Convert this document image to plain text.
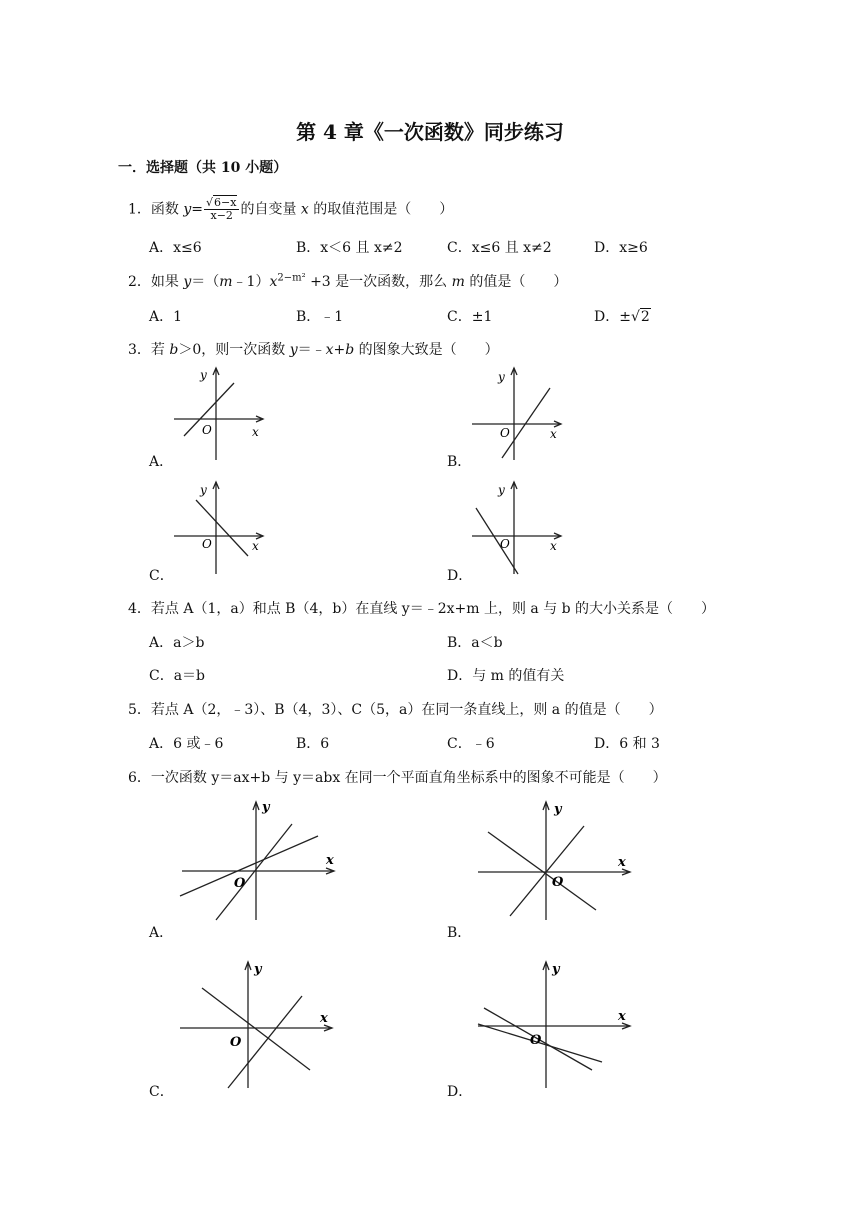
第 4 章《一次函数》同步练习
一．选择题（共 10 小题）
1．函数 $y= \frac{√6-x}{x-2}$ 的自变量 x 的取值范围是（　　）
A．x≤6	B．x＜6 且 x≠2	C．x≤6 且 x≠2	D．x≥6
2．如果 $y=(m﹣1)x^{2-m^2} +3$ 是一次函数，那么 m 的值是（　　）
A．1	B．﹣1	C．±1	D．±√2
3．若 b＞0，则一次函数 y＝﹣x+b 的图象大致是（　　）
y
O	x
A．
y
O	x
B．
y
O	x
C．
y
O	x
D．
4．若点 A（1，a）和点 B（4，b）在直线 y＝﹣2x+m 上，则 a 与 b 的大小关系是（　　）
A．a＞b	B．a＜b
C．a＝b	D．与 m 的值有关
5．若点 A（2，﹣3）、B（4，3）、C（5，a）在同一条直线上，则 a 的值是（　　）
A．6 或﹣6	B．6	C．﹣6	D．6 和 3
6．一次函数 y＝ax+b 与 y＝abx 在同一个平面直角坐标系中的图象不可能是（　　）
y
O
x
A．
y
O
x
B．
y
O
x
C．
y
O
x
D．
